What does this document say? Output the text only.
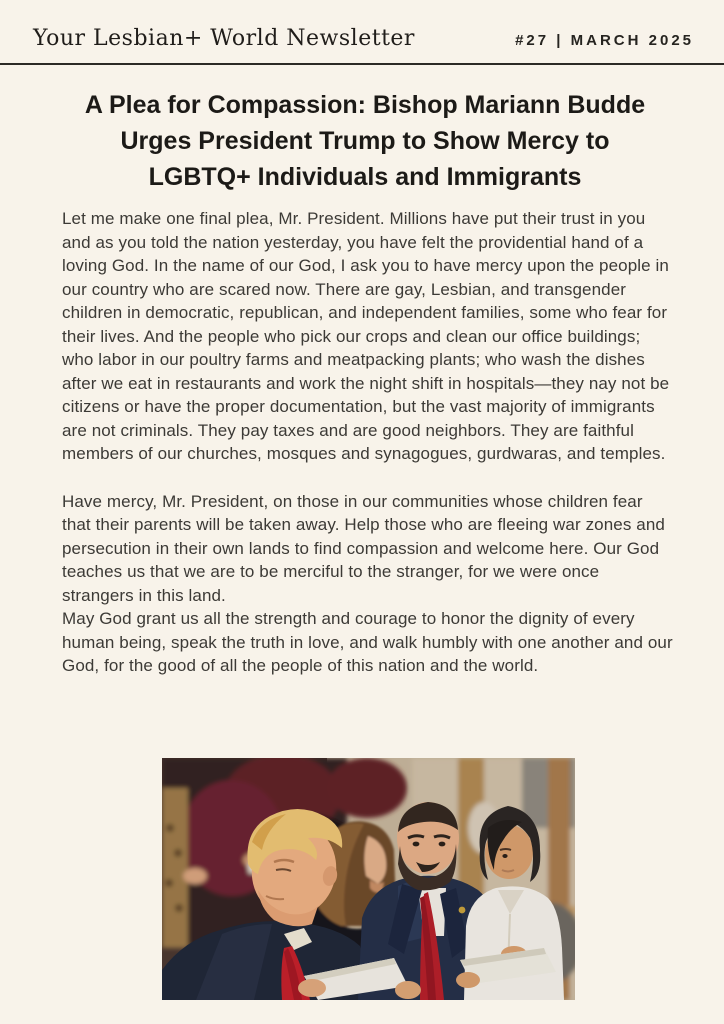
Your Lesbian+ World Newsletter	#27 | MARCH 2025
A Plea for Compassion: Bishop Mariann Budde
Urges President Trump to Show Mercy to
LGBTQ+ Individuals and Immigrants

Let me make one final plea, Mr. President. Millions have put their trust in you and as you told the nation yesterday, you have felt the providential hand of a loving God. In the name of our God, I ask you to have mercy upon the people in our country who are scared now. There are gay, Lesbian, and transgender children in democratic, republican, and independent families, some who fear for their lives. And the people who pick our crops and clean our office buildings; who labor in our poultry farms and meatpacking plants; who wash the dishes after we eat in restaurants and work the night shift in hospitals—they nay not be citizens or have the proper documentation, but the vast majority of immigrants are not criminals. They pay taxes and are good neighbors. They are faithful members of our churches, mosques and synagogues, gurdwaras, and temples.

Have mercy, Mr. President, on those in our communities whose children fear that their parents will be taken away. Help those who are fleeing war zones and persecution in their own lands to find compassion and welcome here. Our God teaches us that we are to be merciful to the stranger, for we were once strangers in this land.

May God grant us all the strength and courage to honor the dignity of every human being, speak the truth in love, and walk humbly with one another and our God, for the good of all the people of this nation and the world.
